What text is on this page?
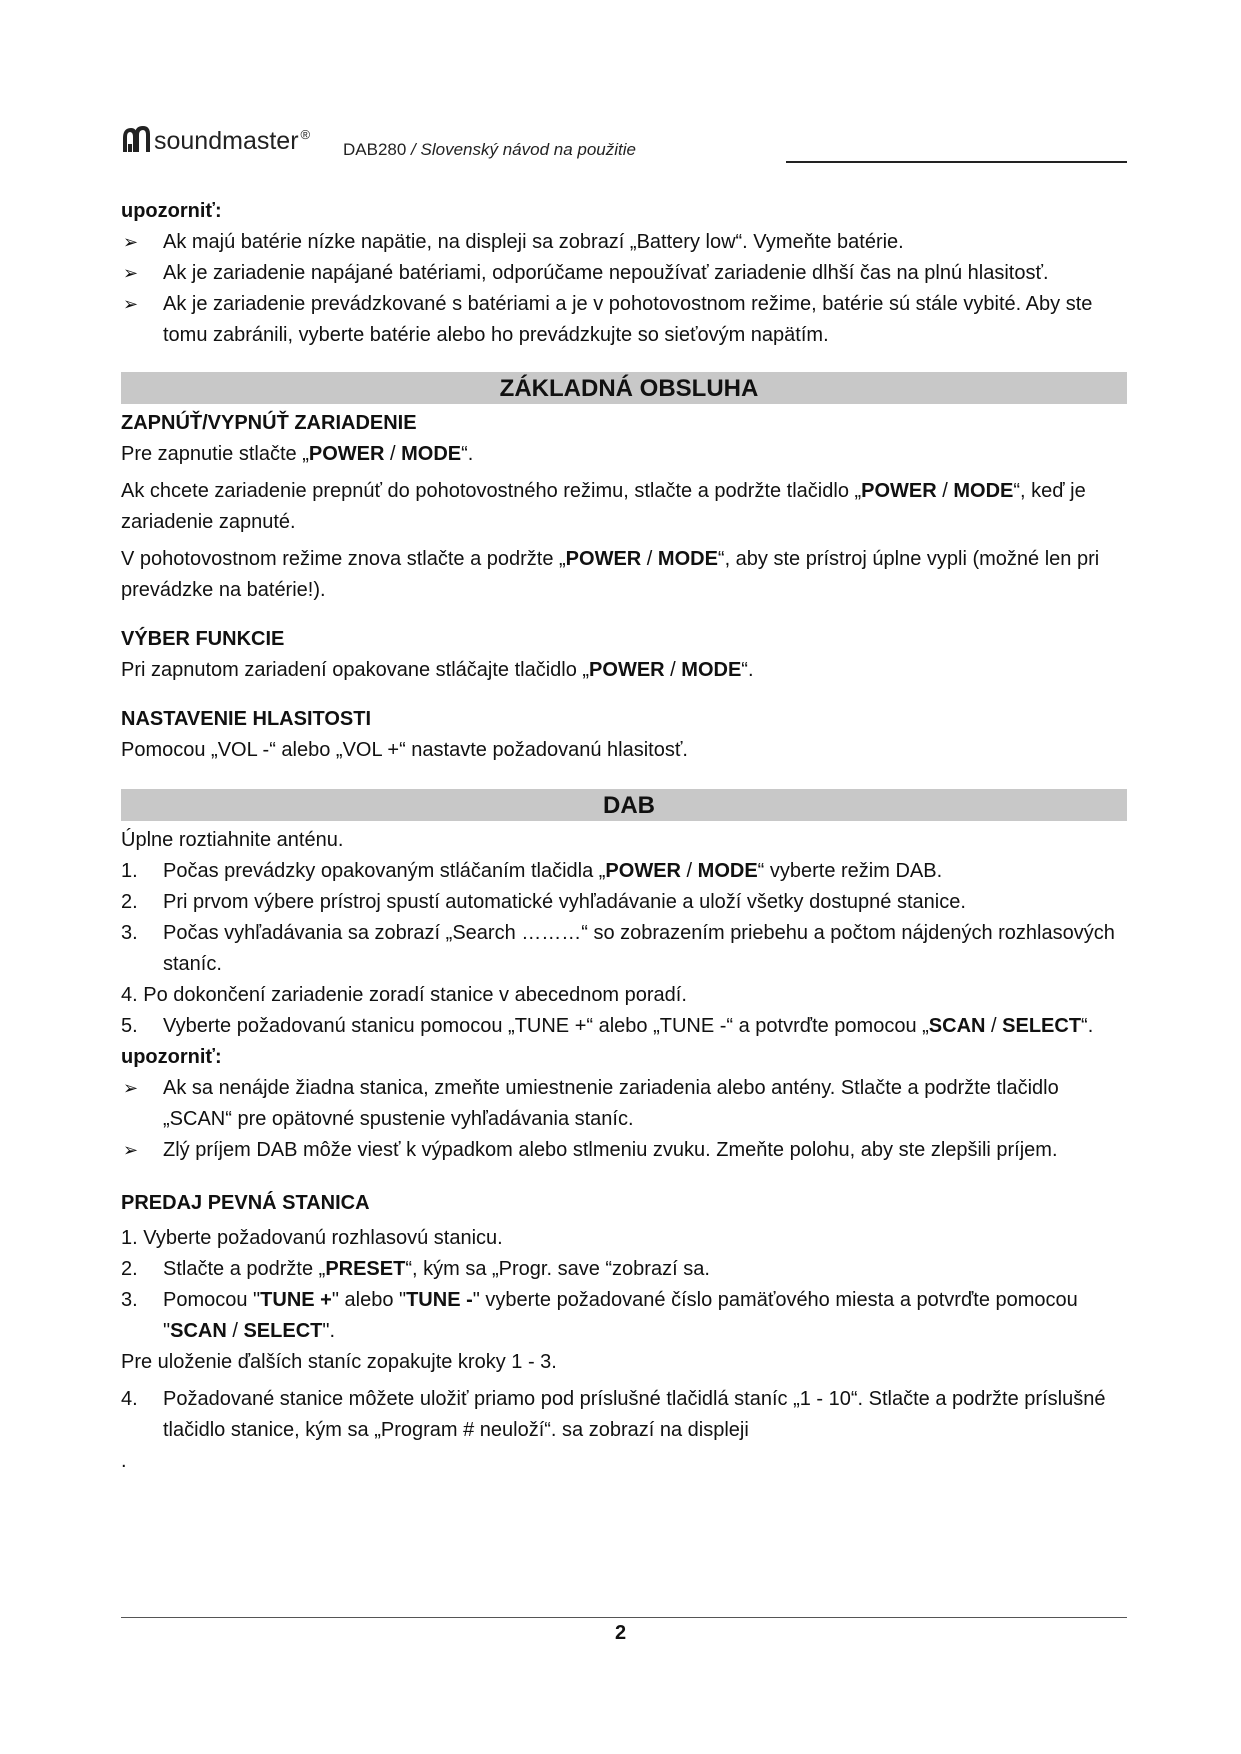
soundmaster ®
DAB280 / Slovenský návod na použitie
upozorniť:
➢ Ak majú batérie nízke napätie, na displeji sa zobrazí „Battery low“. Vymeňte batérie.
➢ Ak je zariadenie napájané batériami, odporúčame nepoužívať zariadenie dlhší čas na plnú hlasitosť.
➢ Ak je zariadenie prevádzkované s batériami a je v pohotovostnom režime, batérie sú stále vybité. Aby ste tomu zabránili, vyberte batérie alebo ho prevádzkujte so sieťovým napätím.
ZÁKLADNÁ OBSLUHA
ZAPNÚŤ/VYPNÚŤ ZARIADENIE

Pre zapnutie stlačte „POWER / MODE“.

Ak chcete zariadenie prepnúť do pohotovostného režimu, stlačte a podržte tlačidlo „POWER / MODE“, keď je zariadenie zapnuté.

V pohotovostnom režime znova stlačte a podržte „POWER / MODE“, aby ste prístroj úplne vypli (možné len pri prevádzke na batérie!).

VÝBER FUNKCIE

Pri zapnutom zariadení opakovane stláčajte tlačidlo „POWER / MODE“.

NASTAVENIE HLASITOSTI

Pomocou „VOL -“ alebo „VOL +“ nastavte požadovanú hlasitosť.

DAB

Úplne roztiahnite anténu.

1. Počas prevádzky opakovaným stláčaním tlačidla „POWER / MODE“ vyberte režim DAB.
2. Pri prvom výbere prístroj spustí automatické vyhľadávanie a uloží všetky dostupné stanice.
3. Počas vyhľadávania sa zobrazí „Search ………“ so zobrazením priebehu a počtom nájdených rozhlasových staníc.
4. Po dokončení zariadenie zoradí stanice v abecednom poradí.
5. Vyberte požadovanú stanicu pomocou „TUNE +“ alebo „TUNE -“ a potvrďte pomocou „SCAN / SELECT“.
upozorniť:
➢ Ak sa nenájde žiadna stanica, zmeňte umiestnenie zariadenia alebo antény. Stlačte a podržte tlačidlo „SCAN“ pre opätovné spustenie vyhľadávania staníc.
➢ Zlý príjem DAB môže viesť k výpadkom alebo stlmeniu zvuku. Zmeňte polohu, aby ste zlepšili príjem.
PREDAJ PEVNÁ STANICA
1. Vyberte požadovanú rozhlasovú stanicu.
2. Stlačte a podržte „PRESET“, kým sa „Progr. save “zobrazí sa.
3. Pomocou "TUNE +" alebo "TUNE -" vyberte požadované číslo pamäťového miesta a potvrďte pomocou "SCAN / SELECT".

Pre uloženie ďalších staníc zopakujte kroky 1 - 3.

4. Požadované stanice môžete uložiť priamo pod príslušné tlačidlá staníc „1 - 10“. Stlačte a podržte príslušné tlačidlo stanice, kým sa „Program # neuloží“. sa zobrazí na displeji

.

2
